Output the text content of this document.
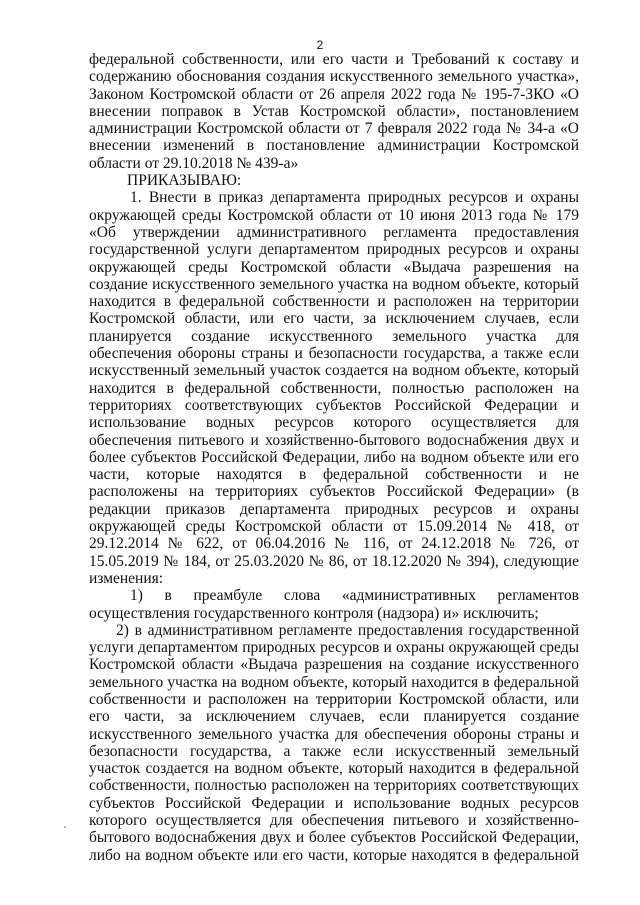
2

федеральной собственности, или его части и Требований к составу и содержанию обоснования создания искусственного земельного участка», Законом Костромской области от 26 апреля 2022 года № 195-7-ЗКО «О внесении поправок в Устав Костромской области», постановлением администрации Костромской области от 7 февраля 2022 года № 34-а «О внесении изменений в постановление администрации Костромской области от 29.10.2018 № 439-а»

ПРИКАЗЫВАЮ:

1. Внести в приказ департамента природных ресурсов и охраны окружающей среды Костромской области от 10 июня 2013 года № 179 «Об утверждении административного регламента предоставления государственной услуги департаментом природных ресурсов и охраны окружающей среды Костромской области «Выдача разрешения на создание искусственного земельного участка на водном объекте, который находится в федеральной собственности и расположен на территории Костромской области, или его части, за исключением случаев, если планируется создание искусственного земельного участка для обеспечения обороны страны и безопасности государства, а также если искусственный земельный участок создается на водном объекте, который находится в федеральной собственности, полностью расположен на территориях соответствующих субъектов Российской Федерации и использование водных ресурсов которого осуществляется для обеспечения питьевого и хозяйственно-бытового водоснабжения двух и более субъектов Российской Федерации, либо на водном объекте или его части, которые находятся в федеральной собственности и не расположены на территориях субъектов Российской Федерации» (в редакции приказов департамента природных ресурсов и охраны окружающей среды Костромской области от 15.09.2014 № 418, от 29.12.2014 № 622, от 06.04.2016 № 116, от 24.12.2018 № 726, от 15.05.2019 № 184, от 25.03.2020 № 86, от 18.12.2020 № 394), следующие изменения:

1) в преамбуле слова «административных регламентов осуществления государственного контроля (надзора) и» исключить;

2) в административном регламенте предоставления государственной услуги департаментом природных ресурсов и охраны окружающей среды Костромской области «Выдача разрешения на создание искусственного земельного участка на водном объекте, который находится в федеральной собственности и расположен на территории Костромской области, или его части, за исключением случаев, если планируется создание искусственного земельного участка для обеспечения обороны страны и безопасности государства, а также если искусственный земельный участок создается на водном объекте, который находится в федеральной собственности, полностью расположен на территориях соответствующих субъектов Российской Федерации и использование водных ресурсов которого осуществляется для обеспечения питьевого и хозяйственно-бытового водоснабжения двух и более субъектов Российской Федерации, либо на водном объекте или его части, которые находятся в федеральной
